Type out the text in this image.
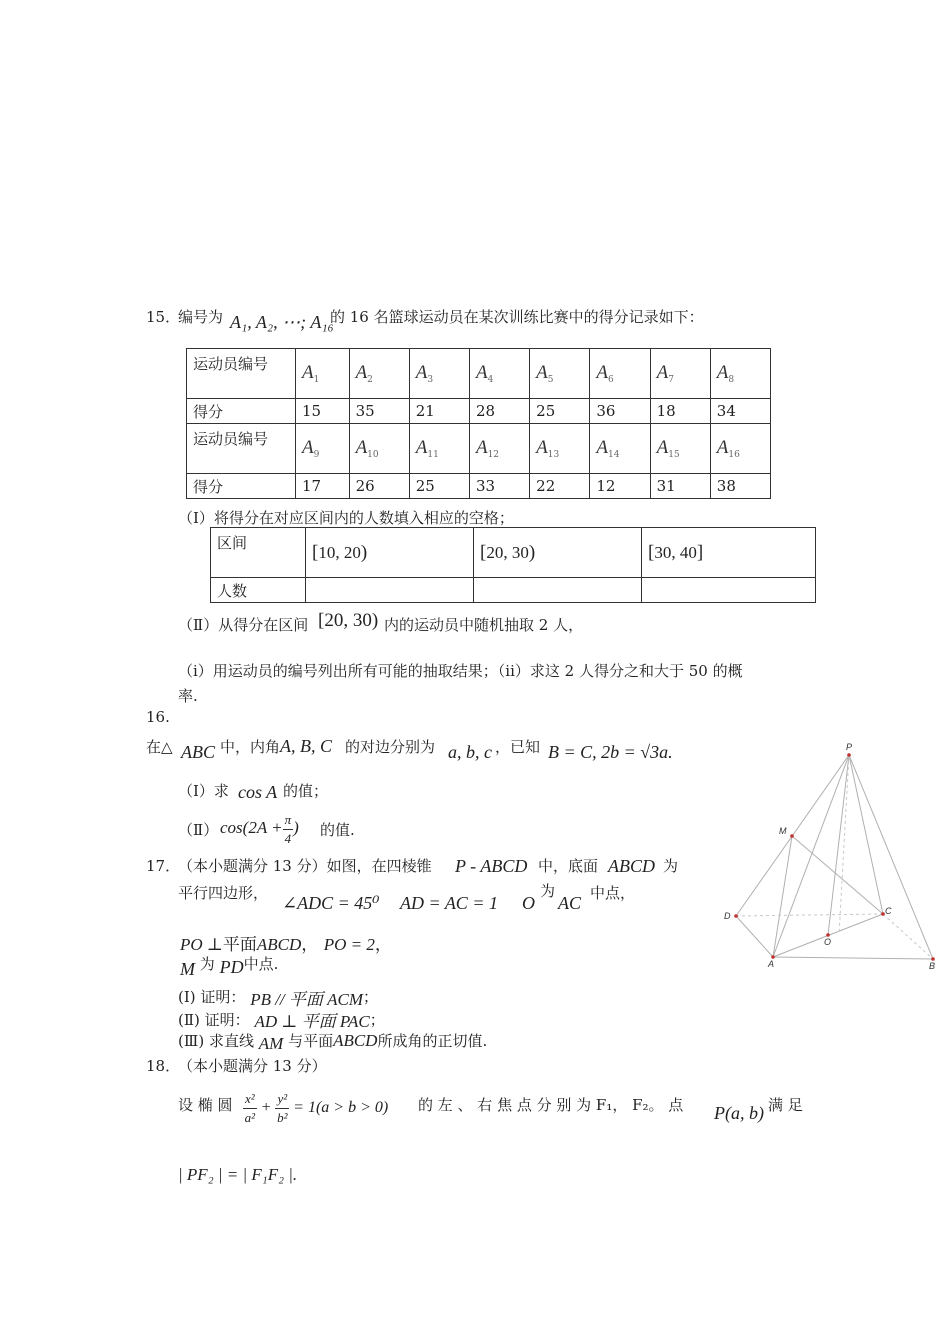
15．
编号为 A₁, A₂, ⋯; A₁₆
的 16 名篮球运动员在某次训练比赛中的得分记录如下：
运动员编号	$A_1$	$A_2$	$A_3$	$A_4$	$A_5$	$A_6$	$A_7$	$A_8$
得分	15	35	21	28	25	36	18	34
运动员编号	$A_9$	$A_{10}$	$A_{11}$	$A_{12}$	$A_{13}$	$A_{14}$	$A_{15}$	$A_{16}$
得分	17	26	25	33	22	12	31	38
（Ⅰ）将得分在对应区间内的人数填入相应的空格；
区间	[10, 20)	[20, 30)	[30, 40]
人数			
（Ⅱ）从得分在区间 [20, 30) 内的运动员中随机抽取 2 人，
（i）用运动员的编号列出所有可能的抽取结果；（ii）求这 2 人得分之和大于 50 的概
率.
16.
在△ ABC 中，内角 A, B, C 的对边分别为 a, b, c ，已知 B = C, 2b = √3a.
（Ⅰ）求 cos A 的值；
（Ⅱ） $\cos(2A + \frac{\pi}{4}$ ) 的值.
17．
（本小题满分 13 分）如图，在四棱锥 P - ABCD 中，底面 ABCD 为
平行四边形， ∠ADC = 45⁰ AD = AC = 1 O
为
AC 中点，
PO ⊥平面ABCD， PO = 2，
M 为 PD中点.
(Ⅰ) 证明： PB // 平面 ACM；
(Ⅱ) 证明： AD ⊥ 平面 PAC；
(Ⅲ) 求直线 AM 与平面ABCD所成角的正切值.
P
M
D	C
O
A	B
18．
（本小题满分 13 分）
设 椭 圆 $\frac{\text{x²}}{\text{a²}} + \frac{\text{y²}}{\text{b²}} = 1(a > b > 0)$ 的 左 、 右 焦 点 分 别 为 F₁， F₂。 点 P(a, b) 满 足
| PF₂ | = | F₁F₂ |.
